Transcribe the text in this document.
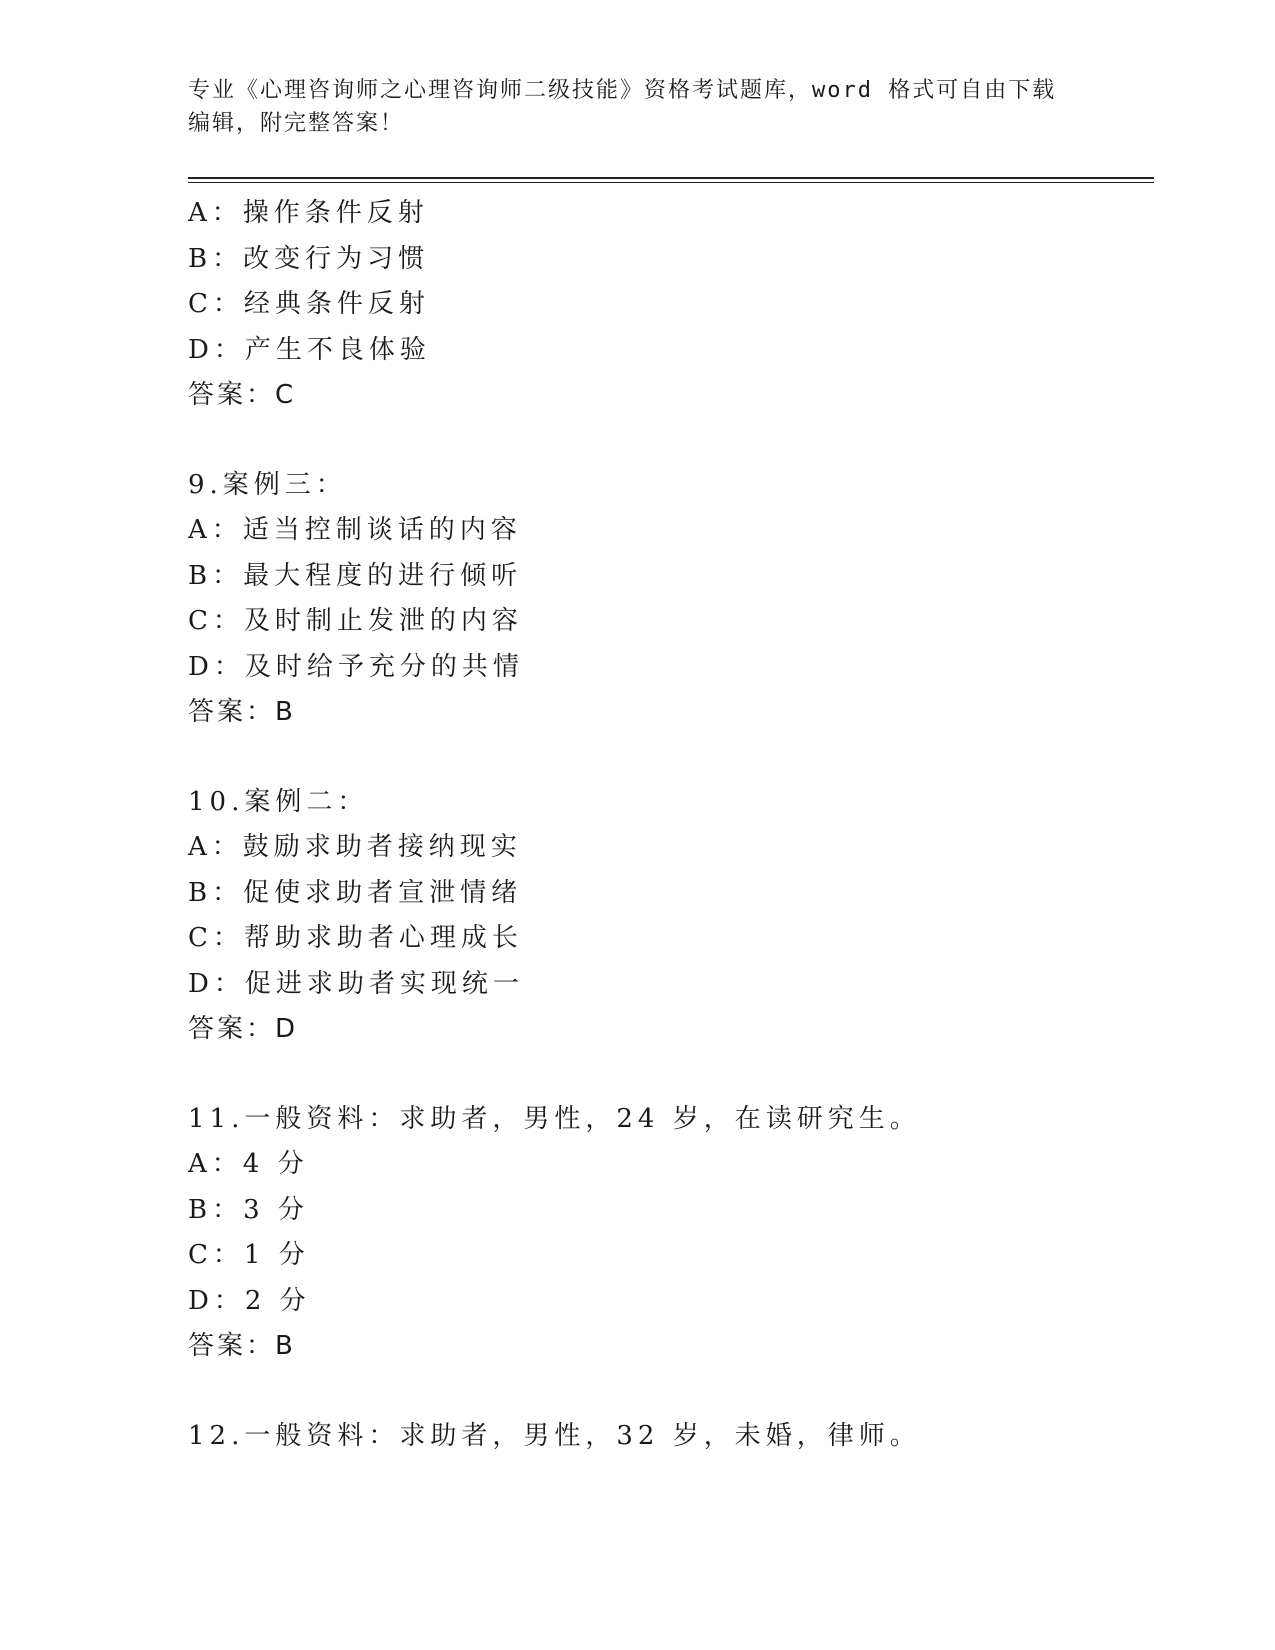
专业《心理咨询师之心理咨询师二级技能》资格考试题库，word 格式可自由下载
编辑，附完整答案！
A：操作条件反射
B：改变行为习惯
C：经典条件反射
D：产生不良体验
答案：C
9.案例三：
A：适当控制谈话的内容
B：最大程度的进行倾听
C：及时制止发泄的内容
D：及时给予充分的共情
答案：B
10.案例二：
A：鼓励求助者接纳现实
B：促使求助者宣泄情绪
C：帮助求助者心理成长
D：促进求助者实现统一
答案：D
11.一般资料：求助者，男性，24 岁，在读研究生。
A：4 分
B：3 分
C：1 分
D：2 分
答案：B
12.一般资料：求助者，男性，32 岁，未婚，律师。
